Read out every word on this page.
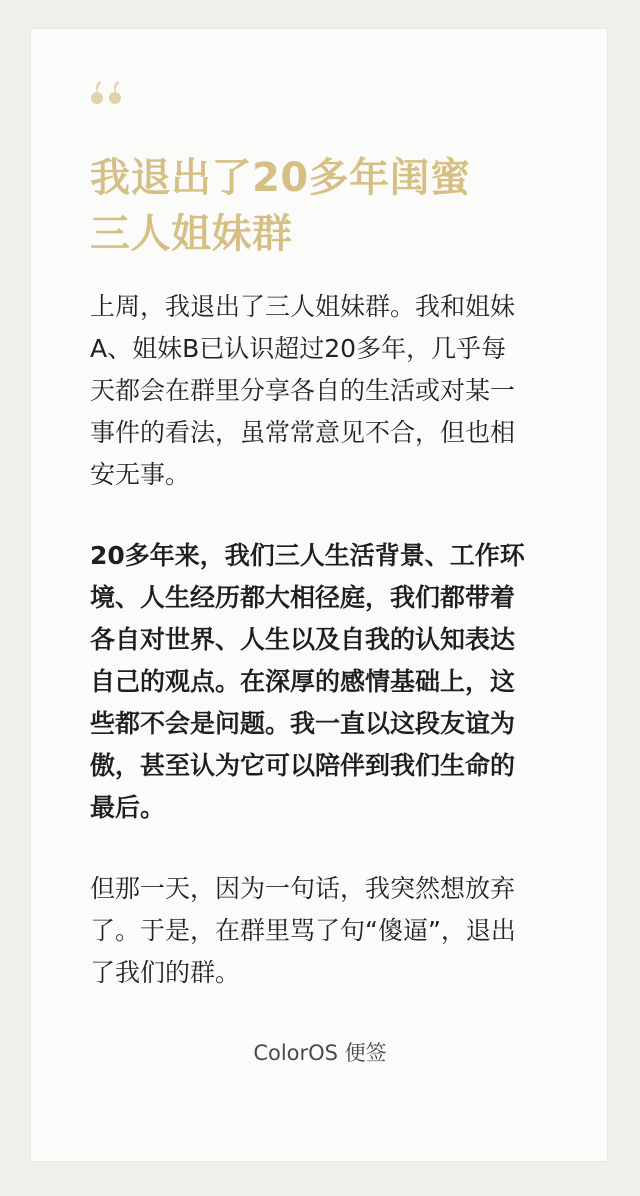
我退出了20多年闺蜜
三人姐妹群

上周，我退出了三人姐妹群。我和姐妹
A、姐妹B已认识超过20多年，几乎每
天都会在群里分享各自的生活或对某一
事件的看法，虽常常意见不合，但也相
安无事。

20多年来，我们三人生活背景、工作环
境、人生经历都大相径庭，我们都带着
各自对世界、人生以及自我的认知表达
自己的观点。在深厚的感情基础上，这
些都不会是问题。我一直以这段友谊为
傲，甚至认为它可以陪伴到我们生命的
最后。

但那一天，因为一句话，我突然想放弃
了。于是，在群里骂了句“傻逼”，退出
了我们的群。

ColorOS 便签
